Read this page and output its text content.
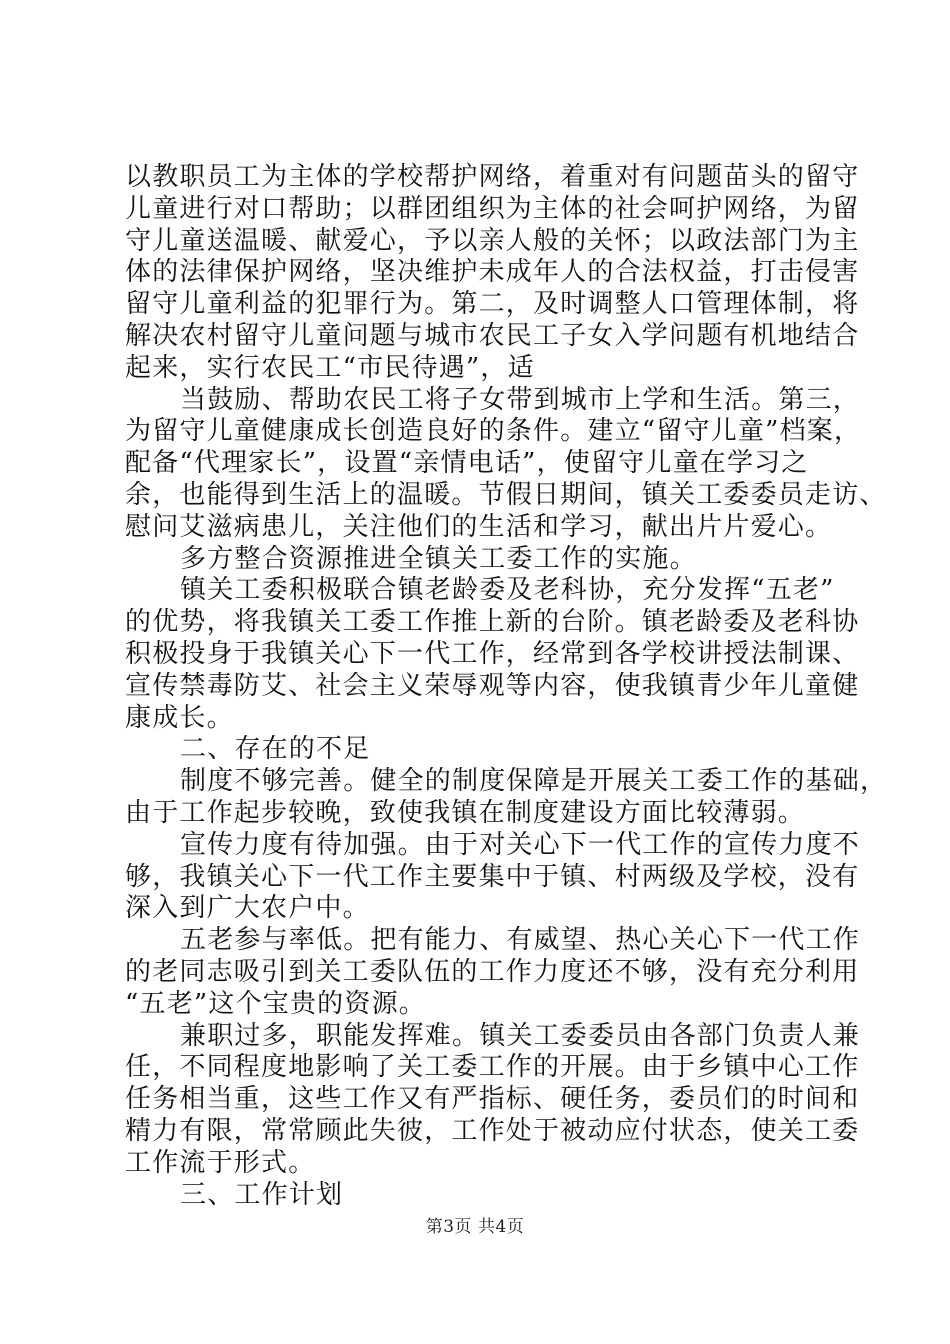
以教职员工为主体的学校帮护网络，着重对有问题苗头的留守
儿童进行对口帮助；以群团组织为主体的社会呵护网络，为留
守儿童送温暖、献爱心，予以亲人般的关怀；以政法部门为主
体的法律保护网络，坚决维护未成年人的合法权益，打击侵害
留守儿童利益的犯罪行为。第二，及时调整人口管理体制，将
解决农村留守儿童问题与城市农民工子女入学问题有机地结合
起来，实行农民工“市民待遇”，适
当鼓励、帮助农民工将子女带到城市上学和生活。第三，
为留守儿童健康成长创造良好的条件。建立“留守儿童”档案，
配备“代理家长”，设置“亲情电话”，使留守儿童在学习之
余，也能得到生活上的温暖。节假日期间，镇关工委委员走访、
慰问艾滋病患儿，关注他们的生活和学习，献出片片爱心。
多方整合资源推进全镇关工委工作的实施。
镇关工委积极联合镇老龄委及老科协，充分发挥“五老”
的优势，将我镇关工委工作推上新的台阶。镇老龄委及老科协
积极投身于我镇关心下一代工作，经常到各学校讲授法制课、
宣传禁毒防艾、社会主义荣辱观等内容，使我镇青少年儿童健
康成长。
二、存在的不足
制度不够完善。健全的制度保障是开展关工委工作的基础，
由于工作起步较晚，致使我镇在制度建设方面比较薄弱。
宣传力度有待加强。由于对关心下一代工作的宣传力度不
够，我镇关心下一代工作主要集中于镇、村两级及学校，没有
深入到广大农户中。
五老参与率低。把有能力、有威望、热心关心下一代工作
的老同志吸引到关工委队伍的工作力度还不够，没有充分利用
“五老”这个宝贵的资源。
兼职过多，职能发挥难。镇关工委委员由各部门负责人兼
任，不同程度地影响了关工委工作的开展。由于乡镇中心工作
任务相当重，这些工作又有严指标、硬任务，委员们的时间和
精力有限，常常顾此失彼，工作处于被动应付状态，使关工委
工作流于形式。
三、工作计划
第3页 共4页
